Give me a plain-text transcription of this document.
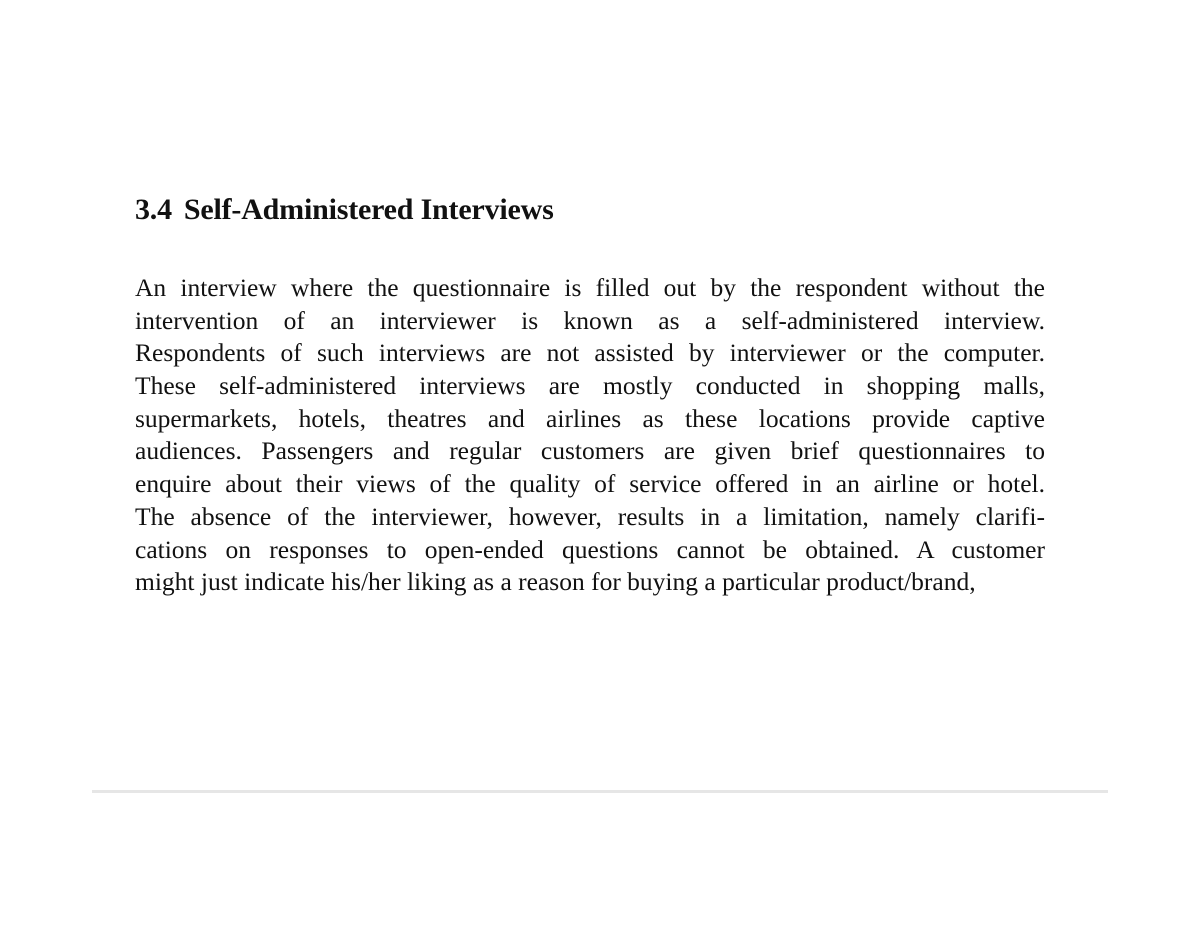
3.4 Self-Administered Interviews
An interview where the questionnaire is filled out by the respondent without the
intervention of an interviewer is known as a self-administered interview.
Respondents of such interviews are not assisted by interviewer or the computer.
These self-administered interviews are mostly conducted in shopping malls,
supermarkets, hotels, theatres and airlines as these locations provide captive
audiences. Passengers and regular customers are given brief questionnaires to
enquire about their views of the quality of service offered in an airline or hotel.
The absence of the interviewer, however, results in a limitation, namely clarifi-
cations on responses to open-ended questions cannot be obtained. A customer
might just indicate his/her liking as a reason for buying a particular product/brand,
